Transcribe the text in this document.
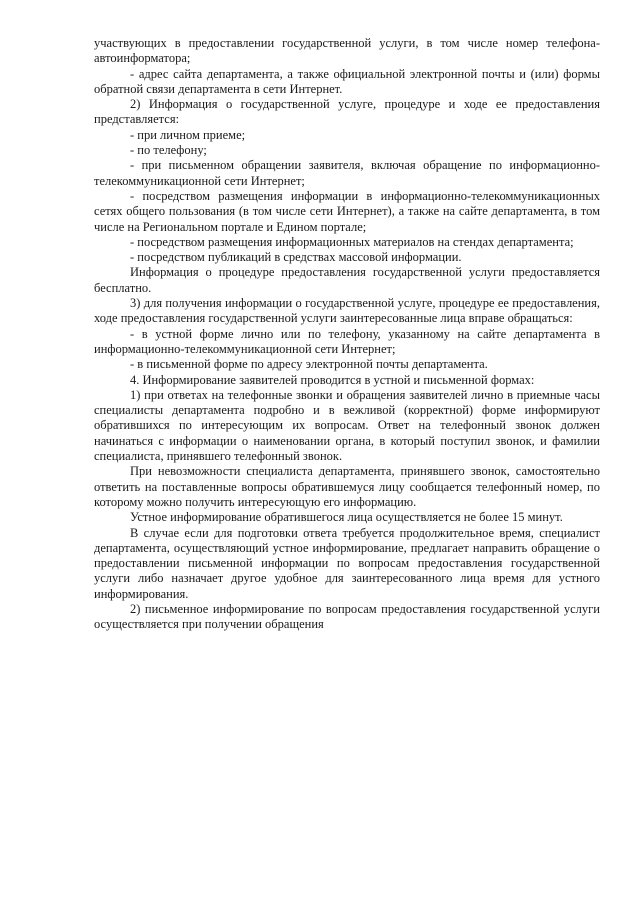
участвующих в предоставлении государственной услуги, в том числе номер телефона-автоинформатора;

- адрес сайта департамента, а также официальной электронной почты и (или) формы обратной связи департамента в сети Интернет.

2) Информация о государственной услуге, процедуре и ходе ее предоставления представляется:

- при личном приеме;

- по телефону;

- при письменном обращении заявителя, включая обращение по информационно-телекоммуникационной сети Интернет;

- посредством размещения информации в информационно-телекоммуникационных сетях общего пользования (в том числе сети Интернет), а также на сайте департамента, в том числе на Региональном портале и Едином портале;

- посредством размещения информационных материалов на стендах департамента;

- посредством публикаций в средствах массовой информации.

Информация о процедуре предоставления государственной услуги предоставляется бесплатно.

3) для получения информации о государственной услуге, процедуре ее предоставления, ходе предоставления государственной услуги заинтересованные лица вправе обращаться:

- в устной форме лично или по телефону, указанному на сайте департамента в информационно-телекоммуникационной сети Интернет;

- в письменной форме по адресу электронной почты департамента.

4. Информирование заявителей проводится в устной и письменной формах:

1) при ответах на телефонные звонки и обращения заявителей лично в приемные часы специалисты департамента подробно и в вежливой (корректной) форме информируют обратившихся по интересующим их вопросам. Ответ на телефонный звонок должен начинаться с информации о наименовании органа, в который поступил звонок, и фамилии специалиста, принявшего телефонный звонок.

При невозможности специалиста департамента, принявшего звонок, самостоятельно ответить на поставленные вопросы обратившемуся лицу сообщается телефонный номер, по которому можно получить интересующую его информацию.

Устное информирование обратившегося лица осуществляется не более 15 минут.

В случае если для подготовки ответа требуется продолжительное время, специалист департамента, осуществляющий устное информирование, предлагает направить обращение о предоставлении письменной информации по вопросам предоставления государственной услуги либо назначает другое удобное для заинтересованного лица время для устного информирования.

2) письменное информирование по вопросам предоставления государственной услуги осуществляется при получении обращения
